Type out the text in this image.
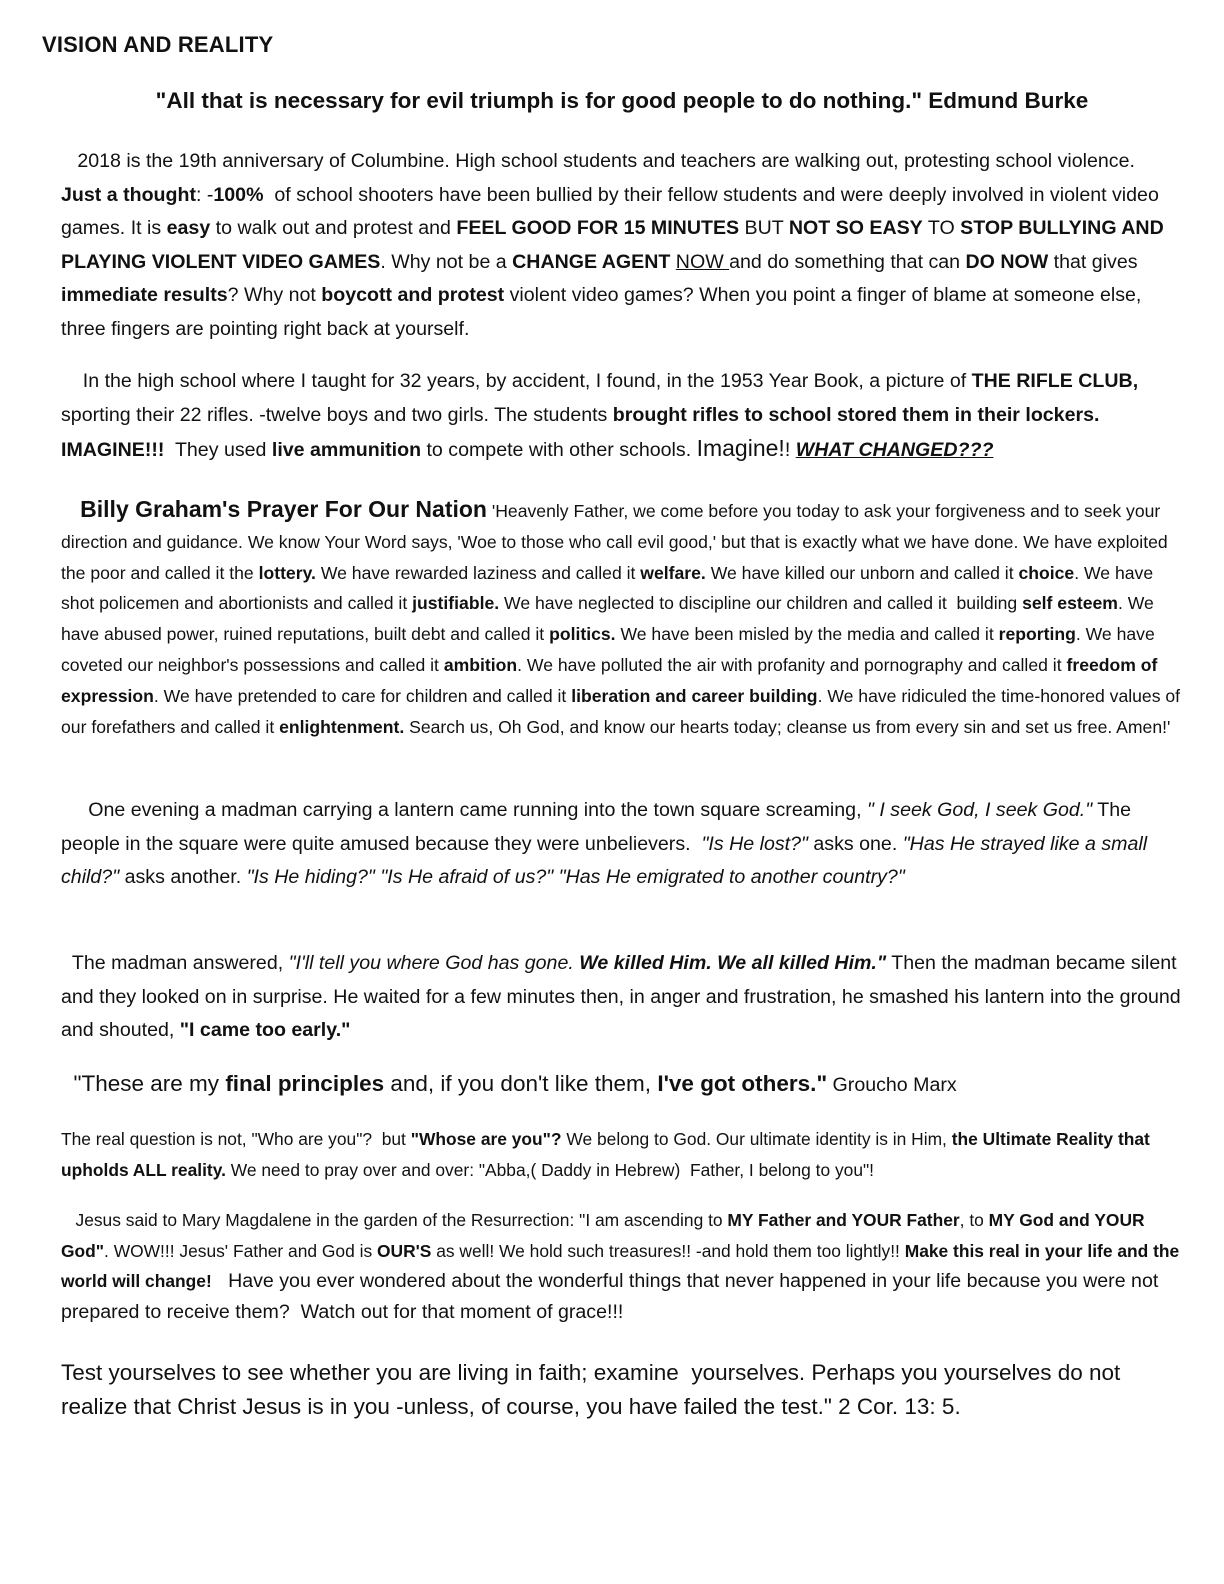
VISION AND REALITY
"All that is necessary for evil triumph is for good people to do nothing." Edmund Burke

2018 is the 19th anniversary of Columbine. High school students and teachers are walking out, protesting school violence.  Just a thought: -100%  of school shooters have been bullied by their fellow students and were deeply involved in violent video games. It is easy to walk out and protest and FEEL GOOD FOR 15 MINUTES BUT NOT SO EASY TO STOP BULLYING AND PLAYING VIOLENT VIDEO GAMES. Why not be a CHANGE AGENT NOW and do something that can DO NOW that gives  immediate results? Why not boycott and protest violent video games? When you point a finger of blame at someone else, three fingers are pointing right back at yourself.

In the high school where I taught for 32 years, by accident, I found, in the 1953 Year Book, a picture of THE RIFLE CLUB, sporting their 22 rifles. -twelve boys and two girls. The students brought rifles to school stored them in their lockers. IMAGINE!!!  They used live ammunition to compete with other schools. Imagine!! WHAT CHANGED???

Billy Graham's Prayer For Our Nation 'Heavenly Father, we come before you today to ask your forgiveness and to seek your direction and guidance. We know Your Word says, 'Woe to those who call evil good,' but that is exactly what we have done. We have exploited the poor and called it the lottery. We have rewarded laziness and called it welfare. We have killed our unborn and called it choice. We have shot policemen and abortionists and called it justifiable. We have neglected to discipline our children and called it  building self esteem. We have abused power, ruined reputations, built debt and called it politics. We have been misled by the media and called it reporting. We have coveted our neighbor's possessions and called it ambition. We have polluted the air with profanity and pornography and called it freedom of expression. We have pretended to care for children and called it liberation and career building. We have ridiculed the time-honored values of our forefathers and called it enlightenment. Search us, Oh God, and know our hearts today; cleanse us from every sin and set us free. Amen!'

One evening a madman carrying a lantern came running into the town square screaming, " I seek God, I seek God." The people in the square were quite amused because they were unbelievers.  "Is He lost?" asks one. "Has He strayed like a small child?" asks another. "Is He hiding?" "Is He afraid of us?" "Has He emigrated to another country?"

The madman answered, "I'll tell you where God has gone. We killed Him. We all killed Him." Then the madman became silent and they looked on in surprise. He waited for a few minutes then, in anger and frustration, he smashed his lantern into the ground and shouted, "I came too early."

"These are my final principles and, if you don't like them, I've got others." Groucho Marx

The real question is not, "Who are you"?  but "Whose are you"? We belong to God. Our ultimate identity is in Him, the Ultimate Reality that upholds ALL reality. We need to pray over and over: "Abba,( Daddy in Hebrew)  Father, I belong to you"!

Jesus said to Mary Magdalene in the garden of the Resurrection: "I am ascending to MY Father and YOUR Father, to MY God and YOUR God". WOW!!! Jesus' Father and God is OUR'S as well! We hold such treasures!! -and hold them too lightly!! Make this real in your life and the world will change!   Have you ever wondered about the wonderful things that never happened in your life because you were not prepared to receive them?  Watch out for that moment of grace!!!

Test yourselves to see whether you are living in faith; examine  yourselves. Perhaps you yourselves do not realize that Christ Jesus is in you -unless, of course, you have failed the test." 2 Cor. 13: 5.
